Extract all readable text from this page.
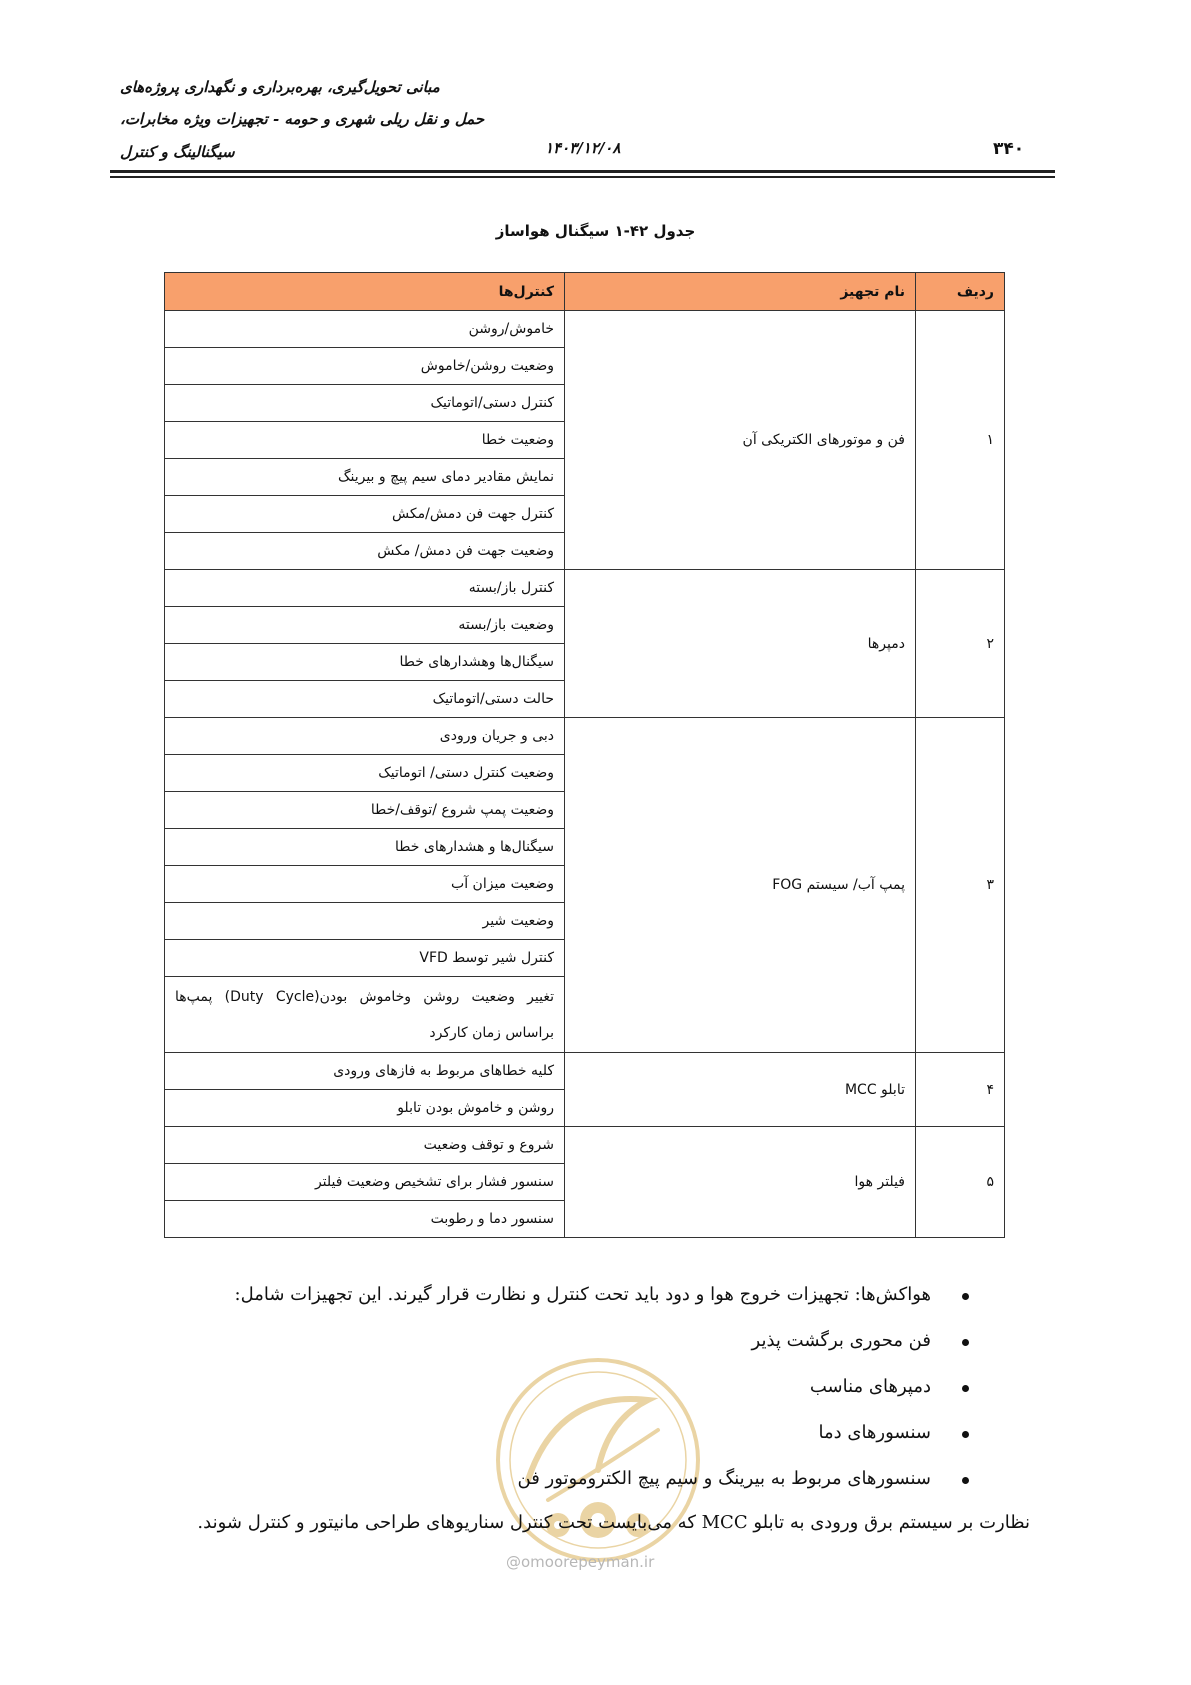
مبانی تحویل‌گیری، بهره‌برداری و نگهداری پروژه‌های
حمل و نقل ریلی شهری و حومه - تجهیزات ویژه مخابرات،
سیگنالینگ و کنترل	۱۴۰۳/۱۲/۰۸	۳۴۰
جدول ۴۲-۱ سیگنال هواساز
ردیف	نام تجهیز	کنترل‌ها
۱	فن و موتورهای الکتریکی آن	خاموش/روشن
		وضعیت روشن/خاموش
		کنترل دستی/اتوماتیک
		وضعیت خطا
		نمایش مقادیر دمای سیم پیچ و بیرینگ
		کنترل جهت فن دمش/مکش
		وضعیت جهت فن دمش/ مکش
۲	دمپرها	کنترل باز/بسته
		وضعیت باز/بسته
		سیگنال‌ها وهشدارهای خطا
		حالت دستی/اتوماتیک
۳	پمپ آب/ سیستم FOG	دبی و جریان ورودی
		وضعیت کنترل دستی/ اتوماتیک
		وضعیت پمپ شروع /توقف/خطا
		سیگنال‌ها و هشدارهای خطا
		وضعیت میزان آب
		وضعیت شیر
		کنترل شیر توسط VFD
		تغییر وضعیت روشن وخاموش بودن(Duty Cycle) پمپ‌ها براساس زمان کارکرد
۴	تابلو MCC	کلیه خطاهای مربوط به فازهای ورودی
		روشن و خاموش بودن تابلو
۵	فیلتر هوا	شروع و توقف وضعیت
		سنسور فشار برای تشخیص وضعیت فیلتر
		سنسور دما و رطوبت
@omoorepeyman.ir
هواکش‌ها: تجهیزات خروج هوا و دود باید تحت کنترل و نظارت قرار گیرند. این تجهیزات شامل:
فن محوری برگشت پذیر
دمپرهای مناسب
سنسورهای دما
سنسورهای مربوط به بیرینگ و سیم پیچ الکتروموتور فن
نظارت بر سیستم برق ورودی به تابلو MCC که می‌بایست تحت کنترل سناریوهای طراحی مانیتور و کنترل شوند.
